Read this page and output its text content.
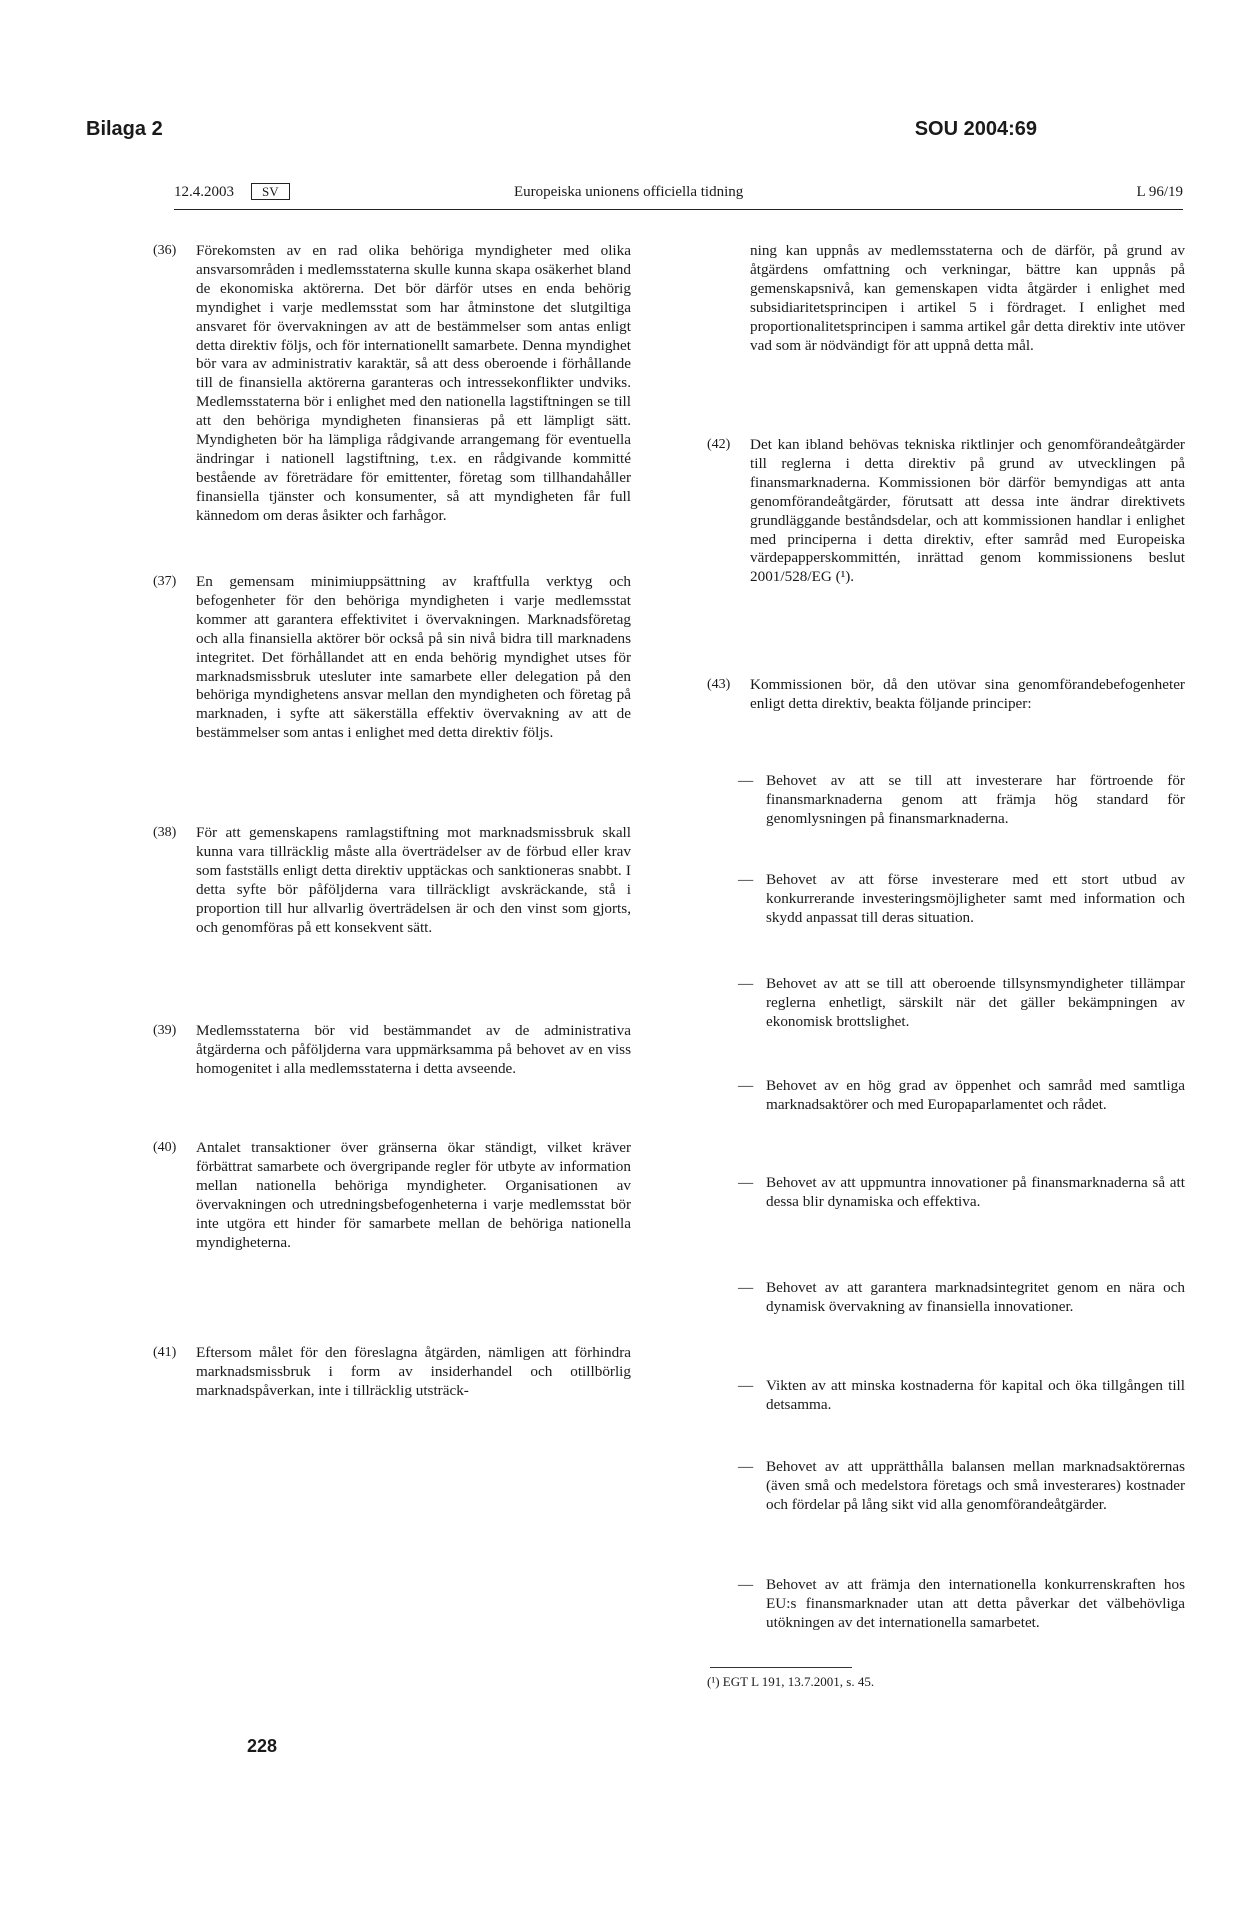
Bilaga 2	SOU 2004:69
12.4.2003	SV	Europeiska unionens officiella tidning	L 96/19
(36) Förekomsten av en rad olika behöriga myndigheter med olika ansvarsområden i medlemsstaterna skulle kunna skapa osäkerhet bland de ekonomiska aktörerna. Det bör därför utses en enda behörig myndighet i varje medlemsstat som har åtminstone det slutgiltiga ansvaret för övervakningen av att de bestämmelser som antas enligt detta direktiv följs, och för internationellt samarbete. Denna myndighet bör vara av administrativ karaktär, så att dess oberoende i förhållande till de finansiella aktörerna garanteras och intressekonflikter undviks. Medlemsstaterna bör i enlighet med den nationella lagstiftningen se till att den behöriga myndigheten finansieras på ett lämpligt sätt. Myndigheten bör ha lämpliga rådgivande arrangemang för eventuella ändringar i nationell lagstiftning, t.ex. en rådgivande kommitté bestående av företrädare för emittenter, företag som tillhandahåller finansiella tjänster och konsumenter, så att myndigheten får full kännedom om deras åsikter och farhågor.

(37) En gemensam minimiuppsättning av kraftfulla verktyg och befogenheter för den behöriga myndigheten i varje medlemsstat kommer att garantera effektivitet i övervakningen. Marknadsföretag och alla finansiella aktörer bör också på sin nivå bidra till marknadens integritet. Det förhållandet att en enda behörig myndighet utses för marknadsmissbruk utesluter inte samarbete eller delegation på den behöriga myndighetens ansvar mellan den myndigheten och företag på marknaden, i syfte att säkerställa effektiv övervakning av att de bestämmelser som antas i enlighet med detta direktiv följs.

(38) För att gemenskapens ramlagstiftning mot marknadsmissbruk skall kunna vara tillräcklig måste alla överträdelser av de förbud eller krav som fastställs enligt detta direktiv upptäckas och sanktioneras snabbt. I detta syfte bör påföljderna vara tillräckligt avskräckande, stå i proportion till hur allvarlig överträdelsen är och den vinst som gjorts, och genomföras på ett konsekvent sätt.

(39) Medlemsstaterna bör vid bestämmandet av de administrativa åtgärderna och påföljderna vara uppmärksamma på behovet av en viss homogenitet i alla medlemsstaterna i detta avseende.

(40) Antalet transaktioner över gränserna ökar ständigt, vilket kräver förbättrat samarbete och övergripande regler för utbyte av information mellan nationella behöriga myndigheter. Organisationen av övervakningen och utredningsbefogenheterna i varje medlemsstat bör inte utgöra ett hinder för samarbete mellan de behöriga nationella myndigheterna.

(41) Eftersom målet för den föreslagna åtgärden, nämligen att förhindra marknadsmissbruk i form av insiderhandel och otillbörlig marknadspåverkan, inte i tillräcklig utsträck-

ning kan uppnås av medlemsstaterna och de därför, på grund av åtgärdens omfattning och verkningar, bättre kan uppnås på gemenskapsnivå, kan gemenskapen vidta åtgärder i enlighet med subsidiaritetsprincipen i artikel 5 i fördraget. I enlighet med proportionalitetsprincipen i samma artikel går detta direktiv inte utöver vad som är nödvändigt för att uppnå detta mål.

(42) Det kan ibland behövas tekniska riktlinjer och genomförandeåtgärder till reglerna i detta direktiv på grund av utvecklingen på finansmarknaderna. Kommissionen bör därför bemyndigas att anta genomförandeåtgärder, förutsatt att dessa inte ändrar direktivets grundläggande beståndsdelar, och att kommissionen handlar i enlighet med principerna i detta direktiv, efter samråd med Europeiska värdepapperskommittén, inrättad genom kommissionens beslut 2001/528/EG (¹).

(43) Kommissionen bör, då den utövar sina genomförandebefogenheter enligt detta direktiv, beakta följande principer:

— Behovet av att se till att investerare har förtroende för finansmarknaderna genom att främja hög standard för genomlysningen på finansmarknaderna.

— Behovet av att förse investerare med ett stort utbud av konkurrerande investeringsmöjligheter samt med information och skydd anpassat till deras situation.

— Behovet av att se till att oberoende tillsynsmyndigheter tillämpar reglerna enhetligt, särskilt när det gäller bekämpningen av ekonomisk brottslighet.

— Behovet av en hög grad av öppenhet och samråd med samtliga marknadsaktörer och med Europaparlamentet och rådet.

— Behovet av att uppmuntra innovationer på finansmarknaderna så att dessa blir dynamiska och effektiva.

— Behovet av att garantera marknadsintegritet genom en nära och dynamisk övervakning av finansiella innovationer.

— Vikten av att minska kostnaderna för kapital och öka tillgången till detsamma.

— Behovet av att upprätthålla balansen mellan marknadsaktörernas (även små och medelstora företags och små investerares) kostnader och fördelar på lång sikt vid alla genomförandeåtgärder.

— Behovet av att främja den internationella konkurrenskraften hos EU:s finansmarknader utan att detta påverkar det välbehövliga utökningen av det internationella samarbetet.

(¹) EGT L 191, 13.7.2001, s. 45.
228
